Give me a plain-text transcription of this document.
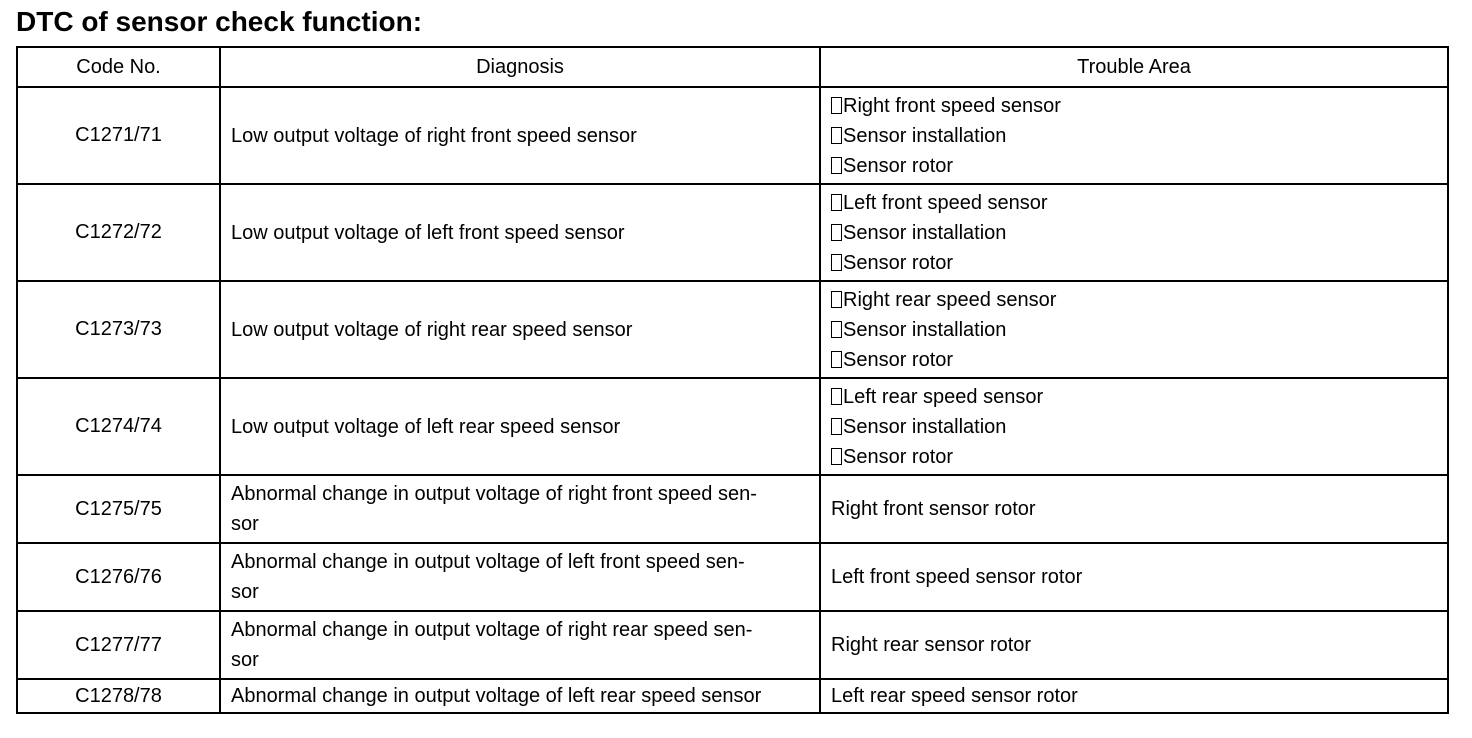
DTC of sensor check function:
Code No.	Diagnosis	Trouble Area
C1271/71	Low output voltage of right front speed sensor	Right front speed sensor
Sensor installation
Sensor rotor

C1272/72	Low output voltage of left front speed sensor	Left front speed sensor
Sensor installation
Sensor rotor

C1273/73	Low output voltage of right rear speed sensor	Right rear speed sensor
Sensor installation
Sensor rotor

C1274/74	Low output voltage of left rear speed sensor	Left rear speed sensor
Sensor installation
Sensor rotor

C1275/75	Abnormal change in output voltage of right front speed sen-
sor	Right front sensor rotor
C1276/76	Abnormal change in output voltage of left front speed sen-
sor	Left front speed sensor rotor
C1277/77	Abnormal change in output voltage of right rear speed sen-
sor	Right rear sensor rotor
C1278/78	Abnormal change in output voltage of left rear speed sensor	Left rear speed sensor rotor
